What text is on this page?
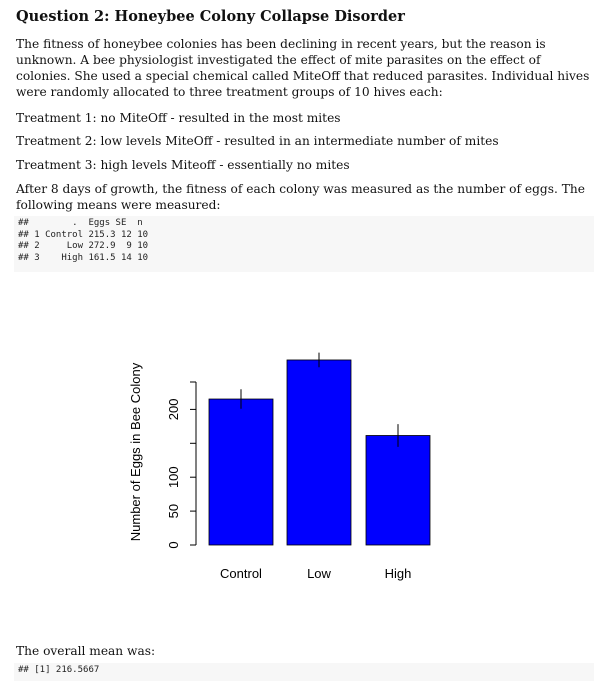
Question 2: Honeybee Colony Collapse Disorder
The fitness of honeybee colonies has been declining in recent years, but the reason is unknown. A bee physiologist investigated the effect of mite parasites on the effect of colonies. She used a special chemical called MiteOff that reduced parasites. Individual hives were randomly allocated to three treatment groups of 10 hives each:
Treatment 1: no MiteOff - resulted in the most mites
Treatment 2: low levels MiteOff - resulted in an intermediate number of mites
Treatment 3: high levels Miteoff - essentially no mites
After 8 days of growth, the fitness of each colony was measured as the number of eggs. The following means were measured:
##        .  Eggs SE  n
## 1 Control 215.3 12 10
## 2     Low 272.9  9 10
## 3    High 161.5 14 10
0
50
100
200
Number of Eggs in Bee Colony
Control	Low	High
The overall mean was:
## [1] 216.5667
